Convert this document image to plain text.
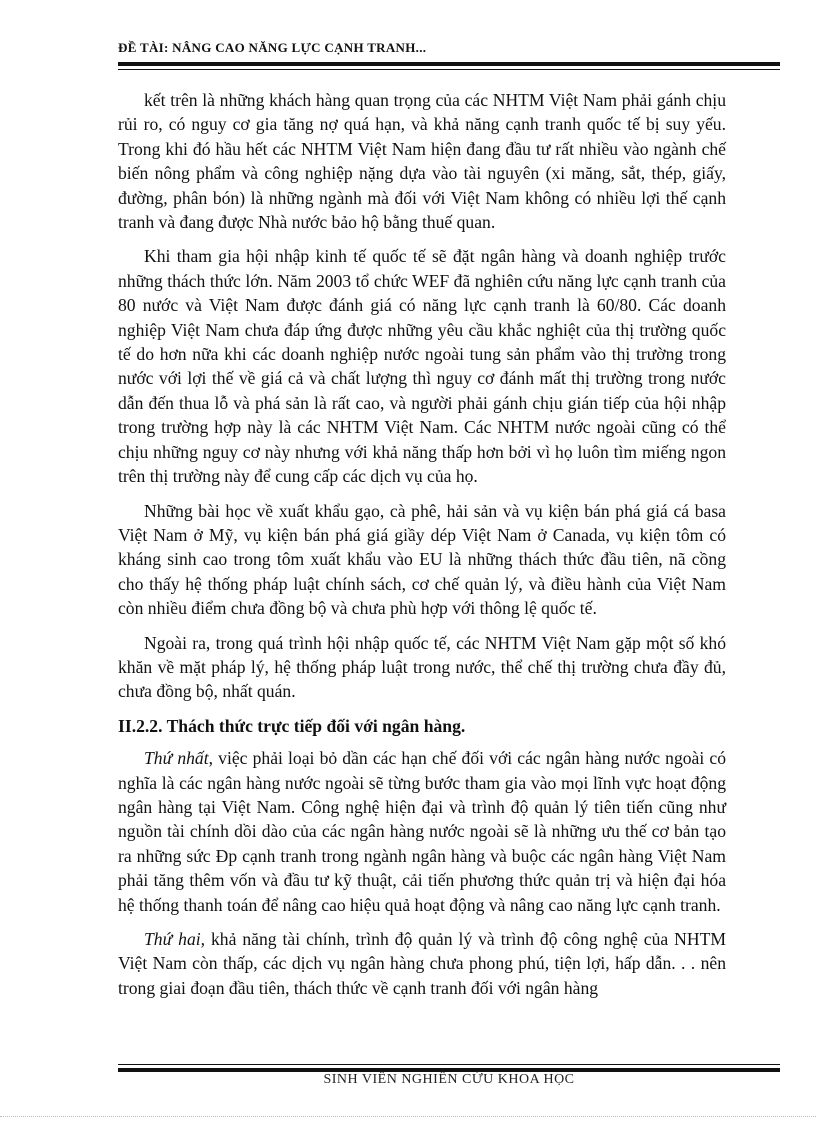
ĐỀ TÀI: NÂNG CAO NĂNG LỰC CẠNH TRANH...

kết trên là những khách hàng quan trọng của các NHTM Việt Nam phải gánh chịu rủi ro, có nguy cơ gia tăng nợ quá hạn, và khả năng cạnh tranh quốc tế bị suy yếu. Trong khi đó hầu hết các NHTM Việt Nam hiện đang đầu tư rất nhiều vào ngành chế biến nông phẩm và công nghiệp nặng dựa vào tài nguyên (xi măng, sắt, thép, giấy, đường, phân bón) là những ngành mà đối với Việt Nam không có nhiều lợi thế cạnh tranh và đang được Nhà nước bảo hộ bằng thuế quan.

Khi tham gia hội nhập kinh tế quốc tế sẽ đặt ngân hàng và doanh nghiệp trước những thách thức lớn. Năm 2003 tổ chức WEF đã nghiên cứu năng lực cạnh tranh của 80 nước và Việt Nam được đánh giá có năng lực cạnh tranh là 60/80. Các doanh nghiệp Việt Nam chưa đáp ứng được những yêu cầu khắc nghiệt của thị trường quốc tế do hơn nữa khi các doanh nghiệp nước ngoài tung sản phẩm vào thị trường trong nước với lợi thế về giá cả và chất lượng thì nguy cơ đánh mất thị trường trong nước dẫn đến thua lỗ và phá sản là rất cao, và người phải gánh chịu gián tiếp của hội nhập trong trường hợp này là các NHTM Việt Nam. Các NHTM nước ngoài cũng có thể chịu những nguy cơ này nhưng với khả năng thấp hơn bởi vì họ luôn tìm miếng ngon trên thị trường này để cung cấp các dịch vụ của họ.

Những bài học về xuất khẩu gạo, cà phê, hải sản và vụ kiện bán phá giá cá basa Việt Nam ở Mỹ, vụ kiện bán phá giá giầy dép Việt Nam ở Canada, vụ kiện tôm có kháng sinh cao trong tôm xuất khẩu vào EU là những thách thức đầu tiên, nã cồng cho thấy hệ thống pháp luật chính sách, cơ chế quản lý, và điều hành của Việt Nam còn nhiều điểm chưa đồng bộ và chưa phù hợp với thông lệ quốc tế.

Ngoài ra, trong quá trình hội nhập quốc tế, các NHTM Việt Nam gặp một số khó khăn về mặt pháp lý, hệ thống pháp luật trong nước, thể chế thị trường chưa đầy đủ, chưa đồng bộ, nhất quán.

II.2.2. Thách thức trực tiếp đối với ngân hàng.

Thứ nhất, việc phải loại bỏ dần các hạn chế đối với các ngân hàng nước ngoài có nghĩa là các ngân hàng nước ngoài sẽ từng bước tham gia vào mọi lĩnh vực hoạt động ngân hàng tại Việt Nam. Công nghệ hiện đại và trình độ quản lý tiên tiến cũng như nguồn tài chính dồi dào của các ngân hàng nước ngoài sẽ là những ưu thế cơ bản tạo ra những sức Ðp cạnh tranh trong ngành ngân hàng và buộc các ngân hàng Việt Nam phải tăng thêm vốn và đầu tư kỹ thuật, cải tiến phương thức quản trị và hiện đại hóa hệ thống thanh toán để nâng cao hiệu quả hoạt động và nâng cao năng lực cạnh tranh.

Thứ hai, khả năng tài chính, trình độ quản lý và trình độ công nghệ của NHTM Việt Nam còn thấp, các dịch vụ ngân hàng chưa phong phú, tiện lợi, hấp dẫn. . . nên trong giai đoạn đầu tiên, thách thức về cạnh tranh đối với ngân hàng

SINH VIÊN NGHIÊN CỨU KHOA HỌC
